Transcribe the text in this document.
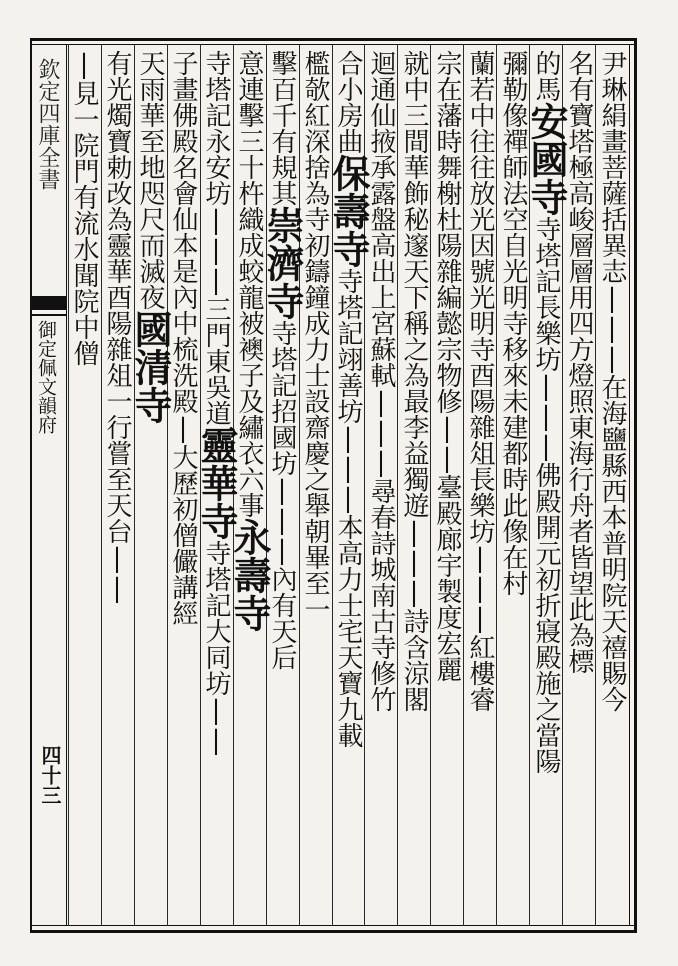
欽定四庫全書
御定佩文韻府
四十三
尹琳絹畫菩薩括異志|||在海鹽縣西本普明院天禧賜今
名有寶塔極高峻層層用四方燈照東海行舟者皆望此為標
的
馬
安國寺
寺塔記長樂坊|||佛殿開元初折寢殿施之當陽
彌勒像禪師法空自光明寺移來未建都時此像在村
蘭若中往往放光因號光明寺酉陽雜俎長樂坊|||紅樓睿
宗在藩時舞榭杜陽雜編懿宗物修||臺殿廊宇製度宏麗
就中三間華飾秘邃天下稱之為最李益獨遊|||詩含涼閣
迴通仙掖承露盤高出上宮蘇軾|||尋春詩城南古寺修竹
合小房曲
保壽寺
寺塔記翊善坊|||本高力士宅天寶九載
檻欹紅深
捨為寺初鑄鐘成力士設齋慶之舉朝畢至一
擊百千有規其
崇濟寺
寺塔記招國坊|||內有天后
意連擊三十杵
織成蛟龍被襖子及繡衣六事
永壽寺
寺塔記永安坊|||三門東吳道
靈華寺
寺塔記大同坊||
子畫佛殿名會仙本是內中梳洗殿
|大歷初僧儼講經
天雨華至地咫尺而滅夜
國清寺
有光燭寶勅改為靈華
酉陽雜俎一行嘗至天台||
|見一院門有流水聞院中僧
